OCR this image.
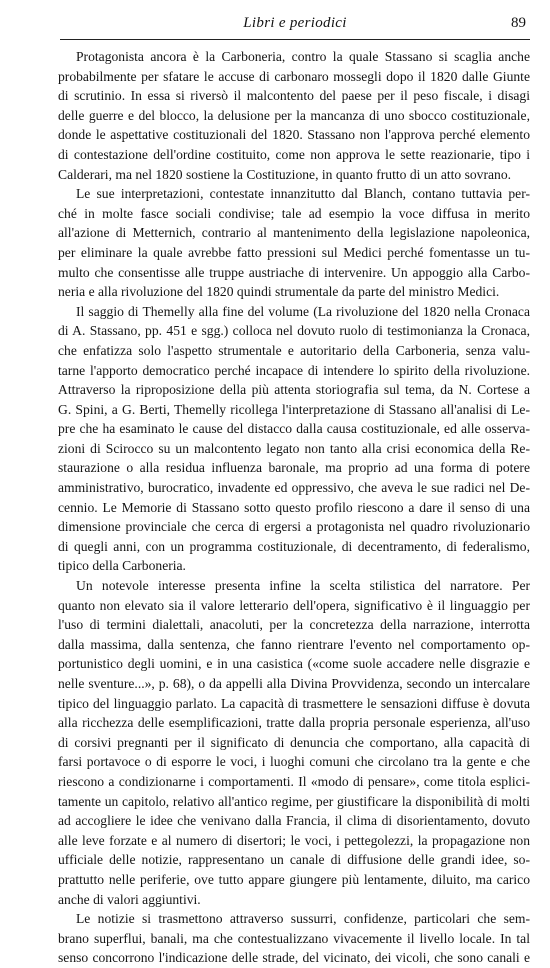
Libri e periodici	89
Protagonista ancora è la Carboneria, contro la quale Stassano si scaglia anche
probabilmente per sfatare le accuse di carbonaro mossegli dopo il 1820 dalle Giunte
di scrutinio. In essa si riversò il malcontento del paese per il peso fiscale, i disagi
delle guerre e del blocco, la delusione per la mancanza di uno sbocco costituzionale,
donde le aspettative costituzionali del 1820. Stassano non l'approva perché elemento
di contestazione dell'ordine costituito, come non approva le sette reazionarie, tipo i
Calderari, ma nel 1820 sostiene la Costituzione, in quanto frutto di un atto sovrano.
Le sue interpretazioni, contestate innanzitutto dal Blanch, contano tuttavia per-
ché in molte fasce sociali condivise; tale ad esempio la voce diffusa in merito
all'azione di Metternich, contrario al mantenimento della legislazione napoleonica,
per eliminare la quale avrebbe fatto pressioni sul Medici perché fomentasse un tu-
multo che consentisse alle truppe austriache di intervenire. Un appoggio alla Carbo-
neria e alla rivoluzione del 1820 quindi strumentale da parte del ministro Medici.
Il saggio di Themelly alla fine del volume (La rivoluzione del 1820 nella Cronaca
di A. Stassano, pp. 451 e sgg.) colloca nel dovuto ruolo di testimonianza la Cronaca,
che enfatizza solo l'aspetto strumentale e autoritario della Carboneria, senza valu-
tarne l'apporto democratico perché incapace di intendere lo spirito della rivoluzione.
Attraverso la riproposizione della più attenta storiografia sul tema, da N. Cortese a
G. Spini, a G. Berti, Themelly ricollega l'interpretazione di Stassano all'analisi di Le-
pre che ha esaminato le cause del distacco dalla causa costituzionale, ed alle osserva-
zioni di Scirocco su un malcontento legato non tanto alla crisi economica della Re-
staurazione o alla residua influenza baronale, ma proprio ad una forma di potere
amministrativo, burocratico, invadente ed oppressivo, che aveva le sue radici nel De-
cennio. Le Memorie di Stassano sotto questo profilo riescono a dare il senso di una
dimensione provinciale che cerca di ergersi a protagonista nel quadro rivoluzionario
di quegli anni, con un programma costituzionale, di decentramento, di federalismo,
tipico della Carboneria.
Un notevole interesse presenta infine la scelta stilistica del narratore. Per
quanto non elevato sia il valore letterario dell'opera, significativo è il linguaggio per
l'uso di termini dialettali, anacoluti, per la concretezza della narrazione, interrotta
dalla massima, dalla sentenza, che fanno rientrare l'evento nel comportamento op-
portunistico degli uomini, e in una casistica («come suole accadere nelle disgrazie e
nelle sventure...», p. 68), o da appelli alla Divina Provvidenza, secondo un intercalare
tipico del linguaggio parlato. La capacità di trasmettere le sensazioni diffuse è dovuta
alla ricchezza delle esemplificazioni, tratte dalla propria personale esperienza, all'uso
di corsivi pregnanti per il significato di denuncia che comportano, alla capacità di
farsi portavoce o di esporre le voci, i luoghi comuni che circolano tra la gente e che
riescono a condizionarne i comportamenti. Il «modo di pensare», come titola esplici-
tamente un capitolo, relativo all'antico regime, per giustificare la disponibilità di molti
ad accogliere le idee che venivano dalla Francia, il clima di disorientamento, dovuto
alle leve forzate e al numero di disertori; le voci, i pettegolezzi, la propagazione non
ufficiale delle notizie, rappresentano un canale di diffusione delle grandi idee, so-
prattutto nelle periferie, ove tutto appare giungere più lentamente, diluito, ma carico
anche di valori aggiuntivi.
Le notizie si trasmettono attraverso sussurri, confidenze, particolari che sem-
brano superflui, banali, ma che contestualizzano vivacemente il livello locale. In tal
senso concorrono l'indicazione delle strade, del vicinato, dei vicoli, che sono canali e
